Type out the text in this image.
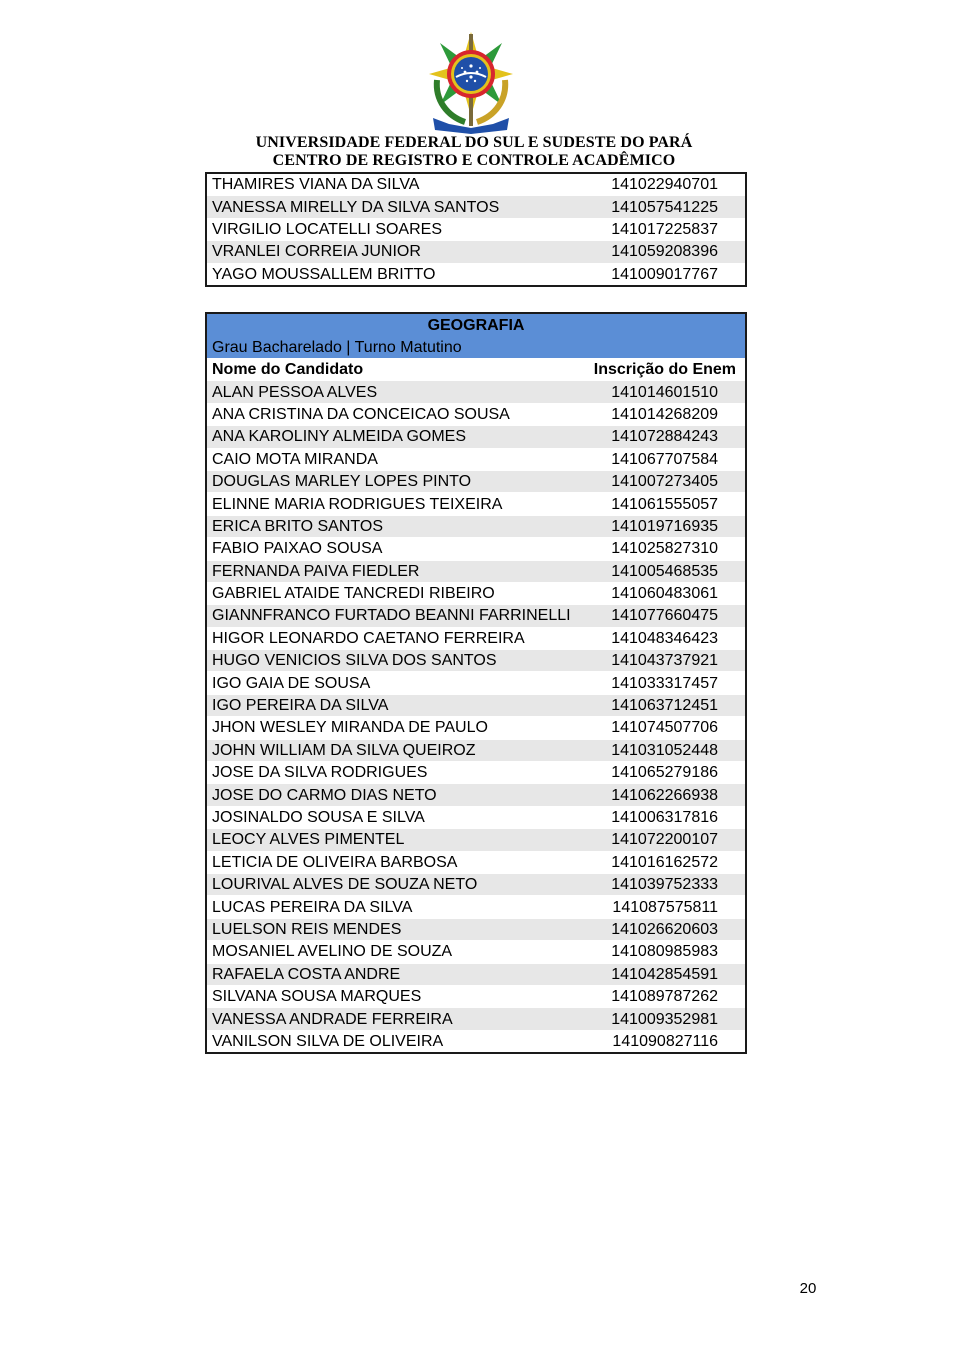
UNIVERSIDADE FEDERAL DO SUL E SUDESTE DO PARÁ
CENTRO DE REGISTRO E CONTROLE ACADÊMICO
THAMIRES VIANA DA SILVA	141022940701
VANESSA MIRELLY DA SILVA SANTOS	141057541225
VIRGILIO LOCATELLI SOARES	141017225837
VRANLEI CORREIA JUNIOR	141059208396
YAGO MOUSSALLEM BRITTO	141009017767
GEOGRAFIA	
Grau Bacharelado | Turno Matutino	
Nome do Candidato	Inscrição do Enem
ALAN PESSOA ALVES	141014601510
ANA CRISTINA DA CONCEICAO SOUSA	141014268209
ANA KAROLINY ALMEIDA GOMES	141072884243
CAIO MOTA MIRANDA	141067707584
DOUGLAS MARLEY LOPES PINTO	141007273405
ELINNE MARIA RODRIGUES TEIXEIRA	141061555057
ERICA BRITO SANTOS	141019716935
FABIO PAIXAO SOUSA	141025827310
FERNANDA PAIVA FIEDLER	141005468535
GABRIEL ATAIDE TANCREDI RIBEIRO	141060483061
GIANNFRANCO FURTADO BEANNI FARRINELLI	141077660475
HIGOR LEONARDO CAETANO FERREIRA	141048346423
HUGO VENICIOS SILVA DOS SANTOS	141043737921
IGO GAIA DE SOUSA	141033317457
IGO PEREIRA DA SILVA	141063712451
JHON WESLEY MIRANDA DE PAULO	141074507706
JOHN WILLIAM DA SILVA QUEIROZ	141031052448
JOSE DA SILVA RODRIGUES	141065279186
JOSE DO CARMO DIAS NETO	141062266938
JOSINALDO SOUSA E SILVA	141006317816
LEOCY ALVES PIMENTEL	141072200107
LETICIA DE OLIVEIRA BARBOSA	141016162572
LOURIVAL ALVES DE SOUZA NETO	141039752333
LUCAS PEREIRA DA SILVA	141087575811
LUELSON REIS MENDES	141026620603
MOSANIEL AVELINO DE SOUZA	141080985983
RAFAELA COSTA ANDRE	141042854591
SILVANA SOUSA MARQUES	141089787262
VANESSA ANDRADE FERREIRA	141009352981
VANILSON SILVA DE OLIVEIRA	141090827116
20
